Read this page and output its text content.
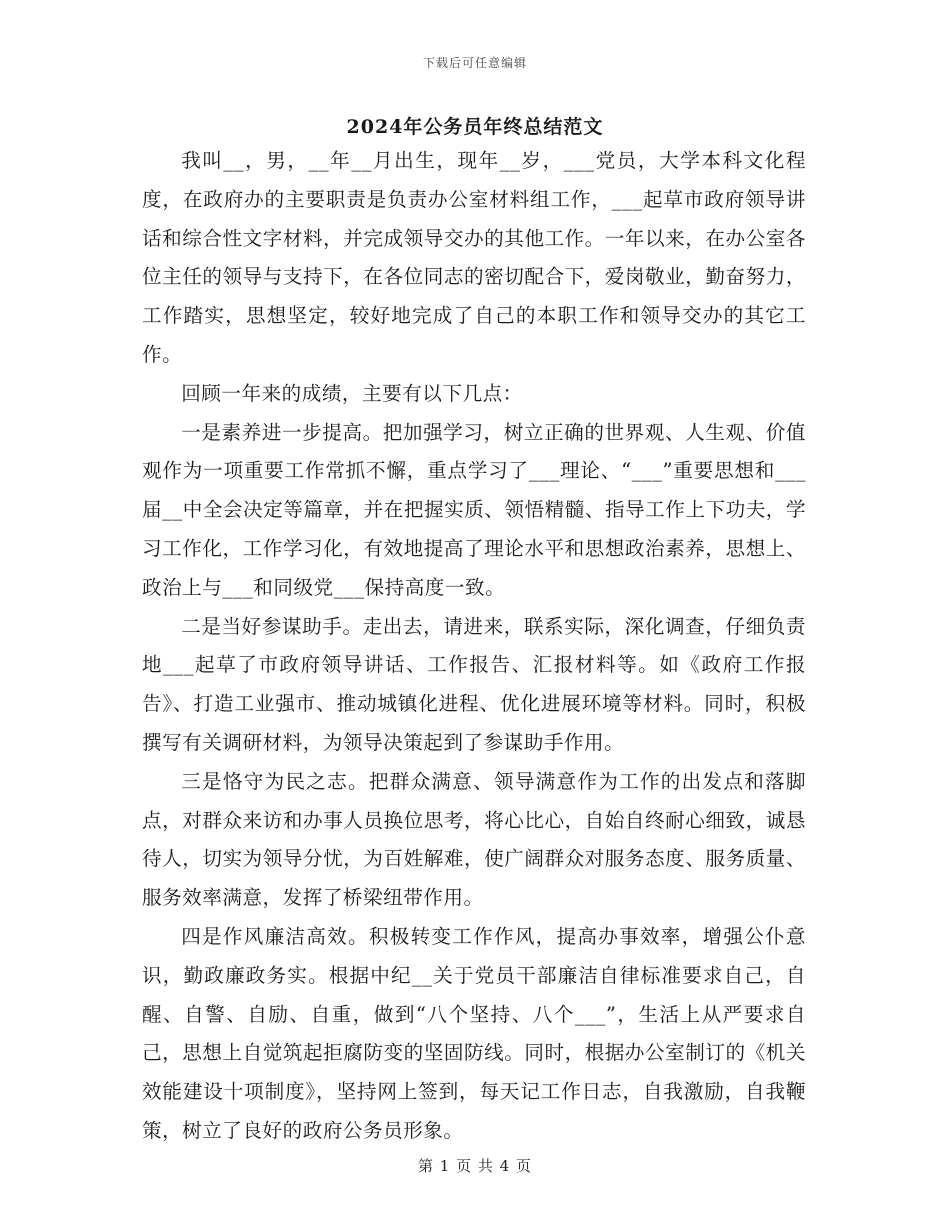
下载后可任意编辑
2024年公务员年终总结范文

我叫__，男，__年__月出生，现年__岁，___党员，大学本科文化程度，在政府办的主要职责是负责办公室材料组工作，___起草市政府领导讲话和综合性文字材料，并完成领导交办的其他工作。一年以来，在办公室各位主任的领导与支持下，在各位同志的密切配合下，爱岗敬业，勤奋努力，工作踏实，思想坚定，较好地完成了自己的本职工作和领导交办的其它工作。

回顾一年来的成绩，主要有以下几点：

一是素养进一步提高。把加强学习，树立正确的世界观、人生观、价值观作为一项重要工作常抓不懈，重点学习了___理论、“___”重要思想和___届__中全会决定等篇章，并在把握实质、领悟精髓、指导工作上下功夫，学习工作化，工作学习化，有效地提高了理论水平和思想政治素养，思想上、政治上与___和同级党___保持高度一致。

二是当好参谋助手。走出去，请进来，联系实际，深化调查，仔细负责地___起草了市政府领导讲话、工作报告、汇报材料等。如《政府工作报告》、打造工业强市、推动城镇化进程、优化进展环境等材料。同时，积极撰写有关调研材料，为领导决策起到了参谋助手作用。

三是恪守为民之志。把群众满意、领导满意作为工作的出发点和落脚点，对群众来访和办事人员换位思考，将心比心，自始自终耐心细致，诚恳待人，切实为领导分忧，为百姓解难，使广阔群众对服务态度、服务质量、服务效率满意，发挥了桥梁纽带作用。

四是作风廉洁高效。积极转变工作作风，提高办事效率，增强公仆意识，勤政廉政务实。根据中纪__关于党员干部廉洁自律标准要求自己，自醒、自警、自励、自重，做到“八个坚持、八个___”，生活上从严要求自己，思想上自觉筑起拒腐防变的坚固防线。同时，根据办公室制订的《机关效能建设十项制度》，坚持网上签到，每天记工作日志，自我激励，自我鞭策，树立了良好的政府公务员形象。

第 1 页 共 4 页
